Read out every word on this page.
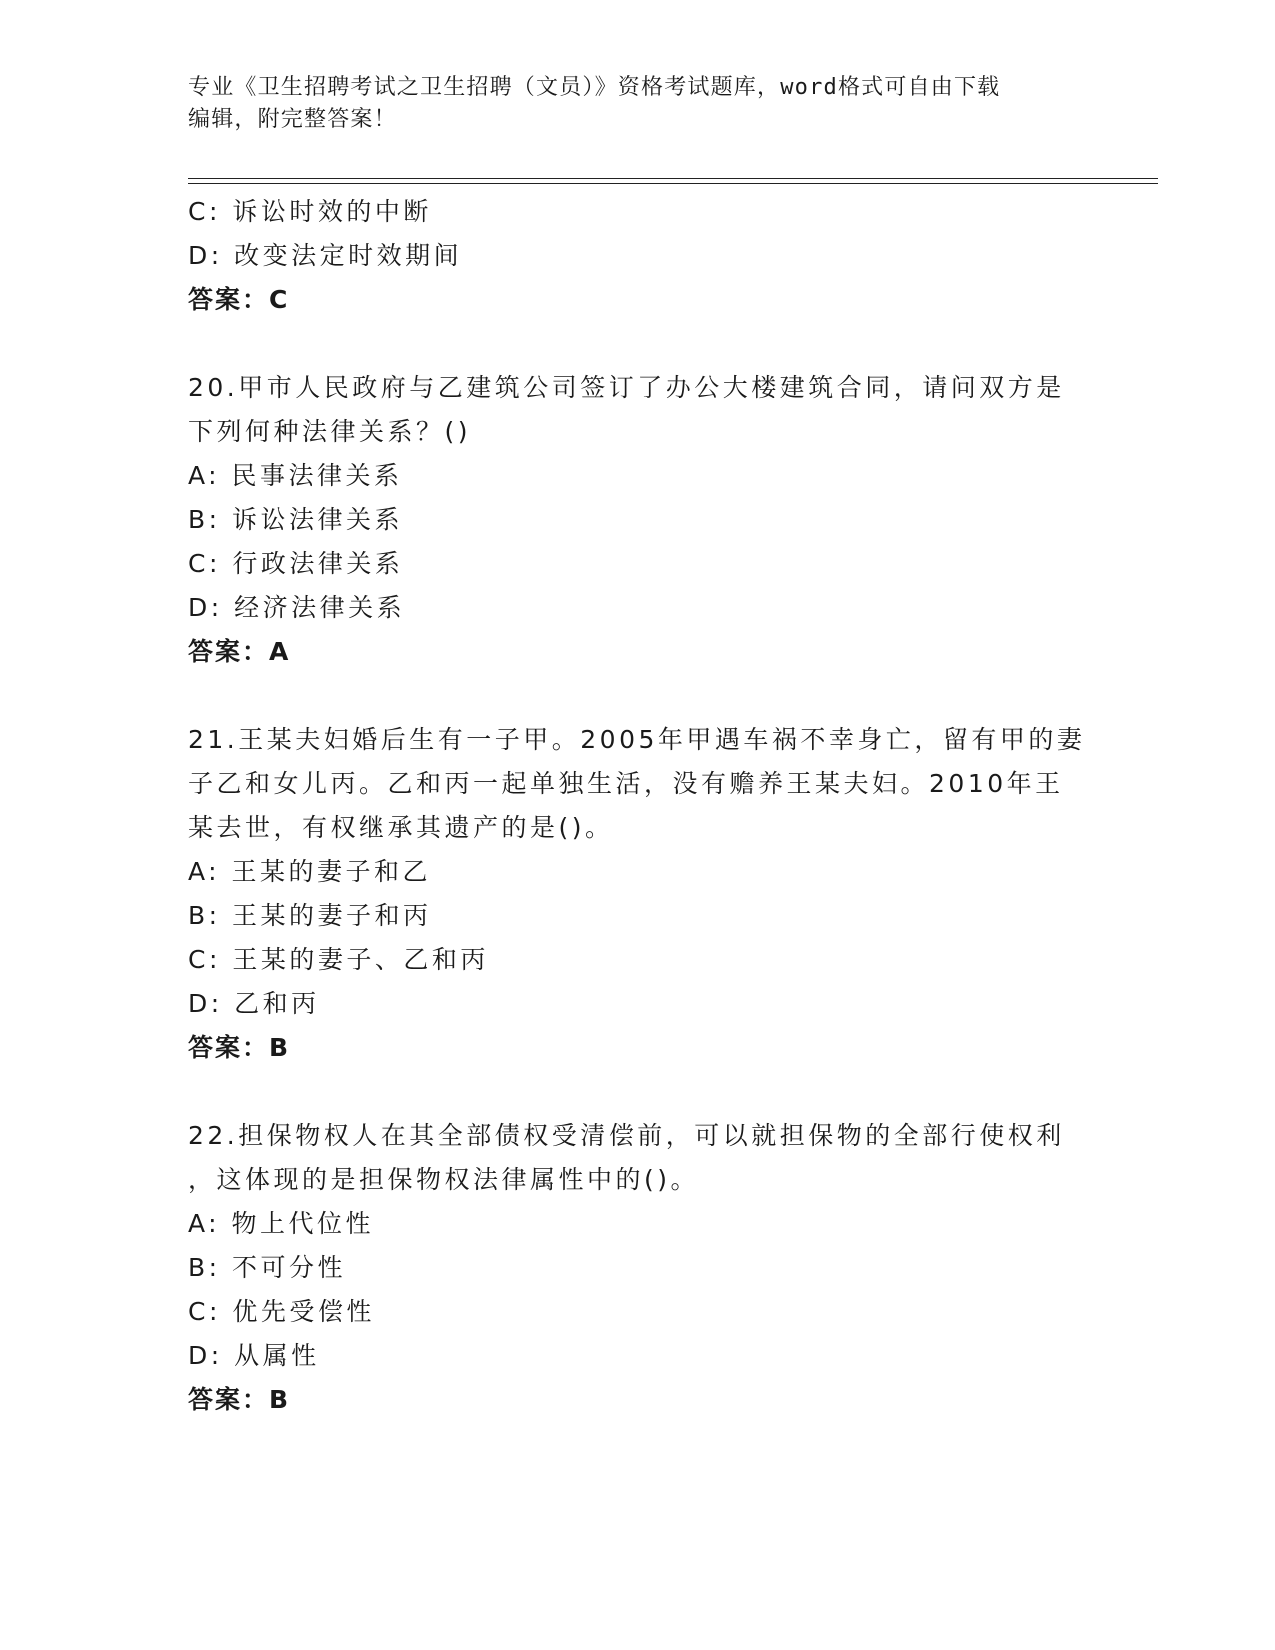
专业《卫生招聘考试之卫生招聘（文员）》资格考试题库，word格式可自由下载
编辑，附完整答案！
C: 诉讼时效的中断
D: 改变法定时效期间
答案：C
20.甲市人民政府与乙建筑公司签订了办公大楼建筑合同，请问双方是
下列何种法律关系？()
A: 民事法律关系
B: 诉讼法律关系
C: 行政法律关系
D: 经济法律关系
答案：A
21.王某夫妇婚后生有一子甲。2005年甲遇车祸不幸身亡，留有甲的妻
子乙和女儿丙。乙和丙一起单独生活，没有赡养王某夫妇。2010年王
某去世，有权继承其遗产的是()。
A: 王某的妻子和乙
B: 王某的妻子和丙
C: 王某的妻子、乙和丙
D: 乙和丙
答案：B
22.担保物权人在其全部债权受清偿前，可以就担保物的全部行使权利
，这体现的是担保物权法律属性中的()。
A: 物上代位性
B: 不可分性
C: 优先受偿性
D: 从属性
答案：B
